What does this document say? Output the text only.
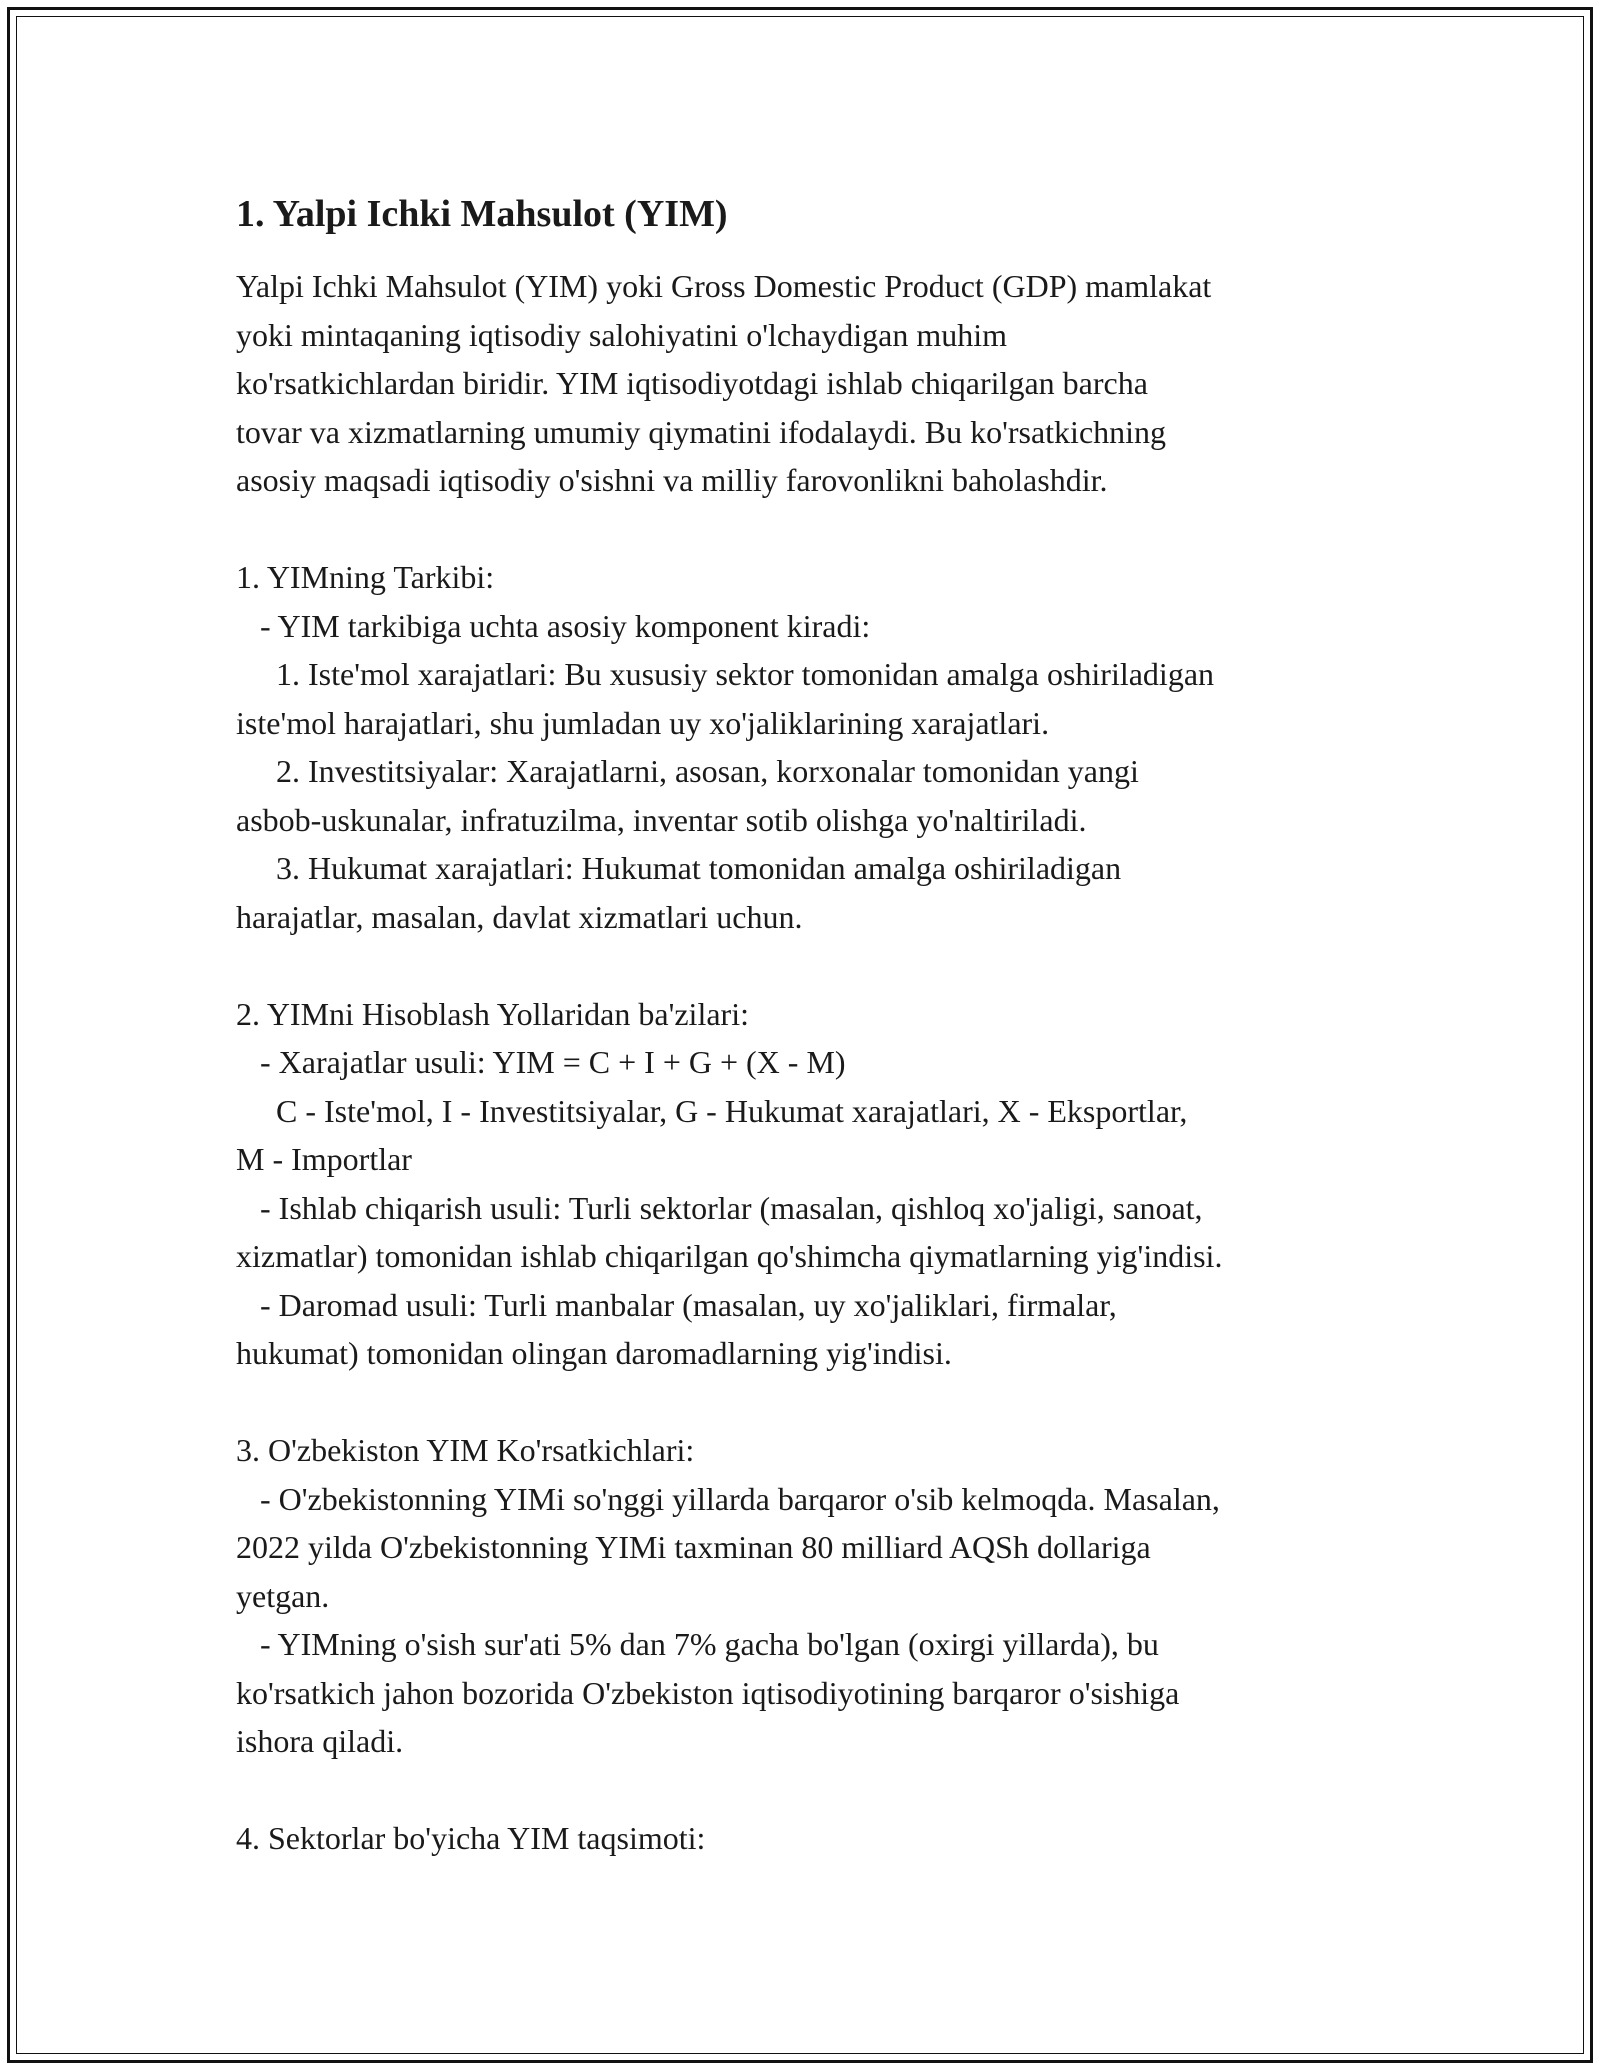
1. Yalpi Ichki Mahsulot (YIM)
Yalpi Ichki Mahsulot (YIM) yoki Gross Domestic Product (GDP) mamlakat
yoki mintaqaning iqtisodiy salohiyatini o'lchaydigan muhim
ko'rsatkichlardan biridir. YIM iqtisodiyotdagi ishlab chiqarilgan barcha
tovar va xizmatlarning umumiy qiymatini ifodalaydi. Bu ko'rsatkichning
asosiy maqsadi iqtisodiy o'sishni va milliy farovonlikni baholashdir.
1. YIMning Tarkibi:
- YIM tarkibiga uchta asosiy komponent kiradi:
1. Iste'mol xarajatlari: Bu xususiy sektor tomonidan amalga oshiriladigan
iste'mol harajatlari, shu jumladan uy xo'jaliklarining xarajatlari.
2. Investitsiyalar: Xarajatlarni, asosan, korxonalar tomonidan yangi
asbob-uskunalar, infratuzilma, inventar sotib olishga yo'naltiriladi.
3. Hukumat xarajatlari: Hukumat tomonidan amalga oshiriladigan
harajatlar, masalan, davlat xizmatlari uchun.
2. YIMni Hisoblash Yollaridan ba'zilari:
- Xarajatlar usuli: YIM = C + I + G + (X - M)
C - Iste'mol, I - Investitsiyalar, G - Hukumat xarajatlari, X - Eksportlar,
M - Importlar
- Ishlab chiqarish usuli: Turli sektorlar (masalan, qishloq xo'jaligi, sanoat,
xizmatlar) tomonidan ishlab chiqarilgan qo'shimcha qiymatlarning yig'indisi.
- Daromad usuli: Turli manbalar (masalan, uy xo'jaliklari, firmalar,
hukumat) tomonidan olingan daromadlarning yig'indisi.
3. O'zbekiston YIM Ko'rsatkichlari:
- O'zbekistonning YIMi so'nggi yillarda barqaror o'sib kelmoqda. Masalan,
2022 yilda O'zbekistonning YIMi taxminan 80 milliard AQSh dollariga
yetgan.
- YIMning o'sish sur'ati 5% dan 7% gacha bo'lgan (oxirgi yillarda), bu
ko'rsatkich jahon bozorida O'zbekiston iqtisodiyotining barqaror o'sishiga
ishora qiladi.
4. Sektorlar bo'yicha YIM taqsimoti:
